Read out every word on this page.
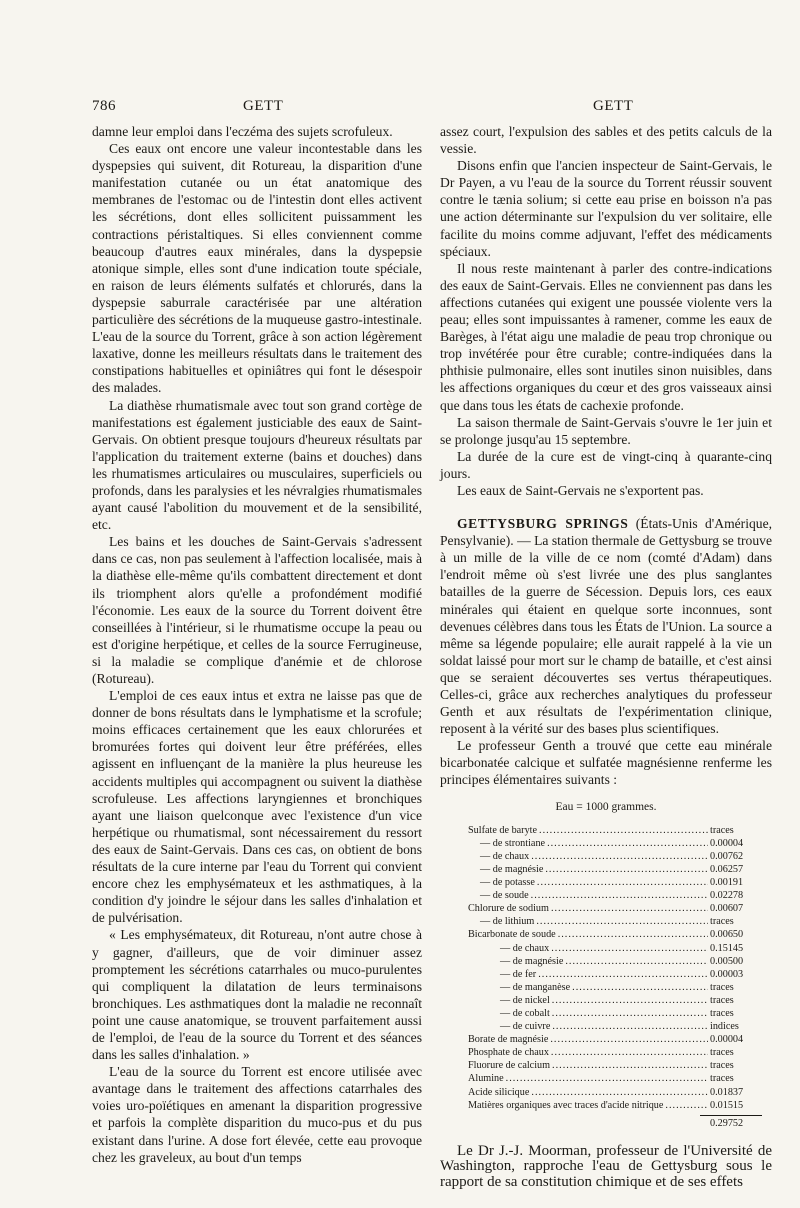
786	GETT	GETT

damne leur emploi dans l'eczéma des sujets scrofuleux.

Ces eaux ont encore une valeur incontestable dans les dyspepsies qui suivent, dit Rotureau, la disparition d'une manifestation cutanée ou un état anatomique des membranes de l'estomac ou de l'intestin dont elles activent les sécrétions, dont elles sollicitent puissamment les contractions péristaltiques. Si elles conviennent comme beaucoup d'autres eaux minérales, dans la dyspepsie atonique simple, elles sont d'une indication toute spéciale, en raison de leurs éléments sulfatés et chlorurés, dans la dyspepsie saburrale caractérisée par une altération particulière des sécrétions de la muqueuse gastro-intestinale. L'eau de la source du Torrent, grâce à son action légèrement laxative, donne les meilleurs résultats dans le traitement des constipations habituelles et opiniâtres qui font le désespoir des malades.

La diathèse rhumatismale avec tout son grand cortège de manifestations est également justiciable des eaux de Saint-Gervais. On obtient presque toujours d'heureux résultats par l'application du traitement externe (bains et douches) dans les rhumatismes articulaires ou musculaires, superficiels ou profonds, dans les paralysies et les névralgies rhumatismales ayant causé l'abolition du mouvement et de la sensibilité, etc.

Les bains et les douches de Saint-Gervais s'adressent dans ce cas, non pas seulement à l'affection localisée, mais à la diathèse elle-même qu'ils combattent directement et dont ils triomphent alors qu'elle a profondément modifié l'économie. Les eaux de la source du Torrent doivent être conseillées à l'intérieur, si le rhumatisme occupe la peau ou est d'origine herpétique, et celles de la source Ferrugineuse, si la maladie se complique d'anémie et de chlorose (Rotureau).

L'emploi de ces eaux intus et extra ne laisse pas que de donner de bons résultats dans le lymphatisme et la scrofule; moins efficaces certainement que les eaux chlorurées et bromurées fortes qui doivent leur être préférées, elles agissent en influençant de la manière la plus heureuse les accidents multiples qui accompagnent ou suivent la diathèse scrofuleuse. Les affections laryngiennes et bronchiques ayant une liaison quelconque avec l'existence d'un vice herpétique ou rhumatismal, sont nécessairement du ressort des eaux de Saint-Gervais. Dans ces cas, on obtient de bons résultats de la cure interne par l'eau du Torrent qui convient encore chez les emphysémateux et les asthmatiques, à la condition d'y joindre le séjour dans les salles d'inhalation et de pulvérisation.

« Les emphysémateux, dit Rotureau, n'ont autre chose à y gagner, d'ailleurs, que de voir diminuer assez promptement les sécrétions catarrhales ou muco-purulentes qui compliquent la dilatation de leurs terminaisons bronchiques. Les asthmatiques dont la maladie ne reconnaît point une cause anatomique, se trouvent parfaitement aussi de l'emploi, de l'eau de la source du Torrent et des séances dans les salles d'inhalation. »

L'eau de la source du Torrent est encore utilisée avec avantage dans le traitement des affections catarrhales des voies uro-poïétiques en amenant la disparition progressive et parfois la complète disparition du muco-pus et du pus existant dans l'urine. A dose fort élevée, cette eau provoque chez les graveleux, au bout d'un temps

assez court, l'expulsion des sables et des petits calculs de la vessie.

Disons enfin que l'ancien inspecteur de Saint-Gervais, le Dr Payen, a vu l'eau de la source du Torrent réussir souvent contre le tænia solium; si cette eau prise en boisson n'a pas une action déterminante sur l'expulsion du ver solitaire, elle facilite du moins comme adjuvant, l'effet des médicaments spéciaux.

Il nous reste maintenant à parler des contre-indications des eaux de Saint-Gervais. Elles ne conviennent pas dans les affections cutanées qui exigent une poussée violente vers la peau; elles sont impuissantes à ramener, comme les eaux de Barèges, à l'état aigu une maladie de peau trop chronique ou trop invétérée pour être curable; contre-indiquées dans la phthisie pulmonaire, elles sont inutiles sinon nuisibles, dans les affections organiques du cœur et des gros vaisseaux ainsi que dans tous les états de cachexie profonde.

La saison thermale de Saint-Gervais s'ouvre le 1er juin et se prolonge jusqu'au 15 septembre.

La durée de la cure est de vingt-cinq à quarante-cinq jours.

Les eaux de Saint-Gervais ne s'exportent pas.

GETTYSBURG SPRINGS (États-Unis d'Amérique, Pensylvanie). — La station thermale de Gettysburg se trouve à un mille de la ville de ce nom (comté d'Adam) dans l'endroit même où s'est livrée une des plus sanglantes batailles de la guerre de Sécession. Depuis lors, ces eaux minérales qui étaient en quelque sorte inconnues, sont devenues célèbres dans tous les États de l'Union. La source a même sa légende populaire; elle aurait rappelé à la vie un soldat laissé pour mort sur le champ de bataille, et c'est ainsi que se seraient découvertes ses vertus thérapeutiques. Celles-ci, grâce aux recherches analytiques du professeur Genth et aux résultats de l'expérimentation clinique, reposent à la vérité sur des bases plus scientifiques.

Le professeur Genth a trouvé que cette eau minérale bicarbonatée calcique et sulfatée magnésienne renferme les principes élémentaires suivants :

Eau = 1000 grammes.
Sulfate de baryte .....	traces
— de strontiane .....	0.00004
— de chaux .....	0.00762
— de magnésie .....	0.06257
— de potasse .....	0.00191
— de soude .....	0.02278
Chlorure de sodium .....	0.00607
— de lithium .....	traces
Bicarbonate de soude .....	0.00650
— de chaux .....	0.15145
— de magnésie .....	0.00500
— de fer .....	0.00003
— de manganèse .....	traces
— de nickel .....	traces
— de cobalt .....	traces
— de cuivre .....	indices
Borate de magnésie .....	0.00004
Phosphate de chaux .....	traces
Fluorure de calcium .....	traces
Alumine .....	traces
Acide silicique .....	0.01837
Matières organiques avec traces d'acide nitrique .....	0.01515
0.29752

Le Dr J.-J. Moorman, professeur de l'Université de Washington, rapproche l'eau de Gettysburg sous le rapport de sa constitution chimique et de ses effets
